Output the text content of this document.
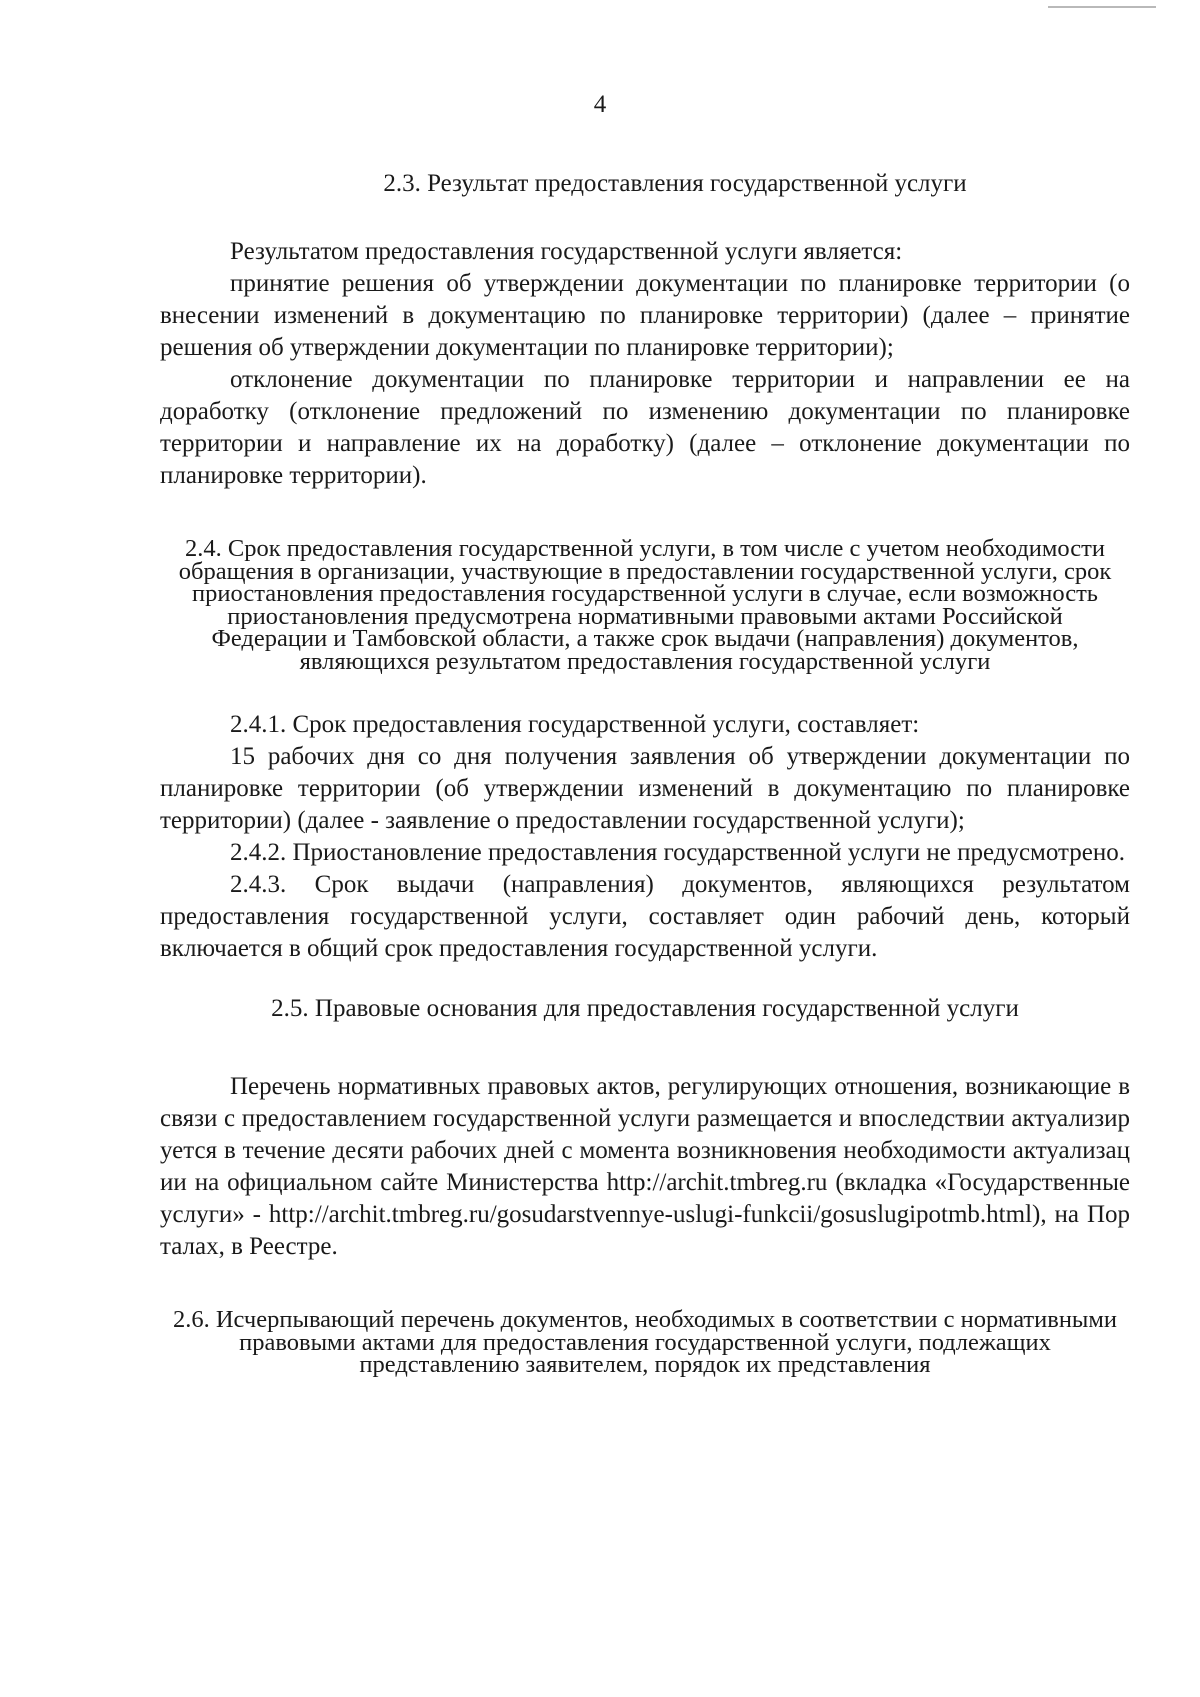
4
2.3. Результат предоставления государственной услуги

Результатом предоставления государственной услуги является:

принятие решения об утверждении документации по планировке территории (о внесении изменений в документацию по планировке территории) (далее – принятие решения об утверждении документации по планировке территории);

отклонение документации по планировке территории и направлении ее на доработку (отклонение предложений по изменению документации по планировке территории и направление их на доработку) (далее – отклонение документации по планировке территории).

2.4. Срок предоставления государственной услуги, в том числе с учетом необходимости обращения в организации, участвующие в предоставлении государственной услуги, срок приостановления предоставления государственной услуги в случае, если возможность приостановления предусмотрена нормативными правовыми актами Российской Федерации и Тамбовской области, а также срок выдачи (направления) документов, являющихся результатом предоставления государственной услуги

2.4.1. Срок предоставления государственной услуги, составляет:

15 рабочих дня со дня получения заявления об утверждении документации по планировке территории (об утверждении изменений в документацию по планировке территории) (далее - заявление о предоставлении государственной услуги);

2.4.2. Приостановление предоставления государственной услуги не предусмотрено.

2.4.3. Срок выдачи (направления) документов, являющихся результатом предоставления государственной услуги, составляет один рабочий день, который включается в общий срок предоставления государственной услуги.

2.5. Правовые основания для предоставления государственной услуги

Перечень нормативных правовых актов, регулирующих отношения, возникающие в связи с предоставлением государственной услуги размещается и впоследствии актуализируется в течение десяти рабочих дней с момента возникновения необходимости актуализации на официальном сайте Министерства http://archit.tmbreg.ru (вкладка «Государственные услуги» - http://archit.tmbreg.ru/gosudarstvennye-uslugi-funkcii/gosuslugipotmb.html), на Порталах, в Реестре.

2.6. Исчерпывающий перечень документов, необходимых в соответствии с нормативными правовыми актами для предоставления государственной услуги, подлежащих представлению заявителем, порядок их представления
